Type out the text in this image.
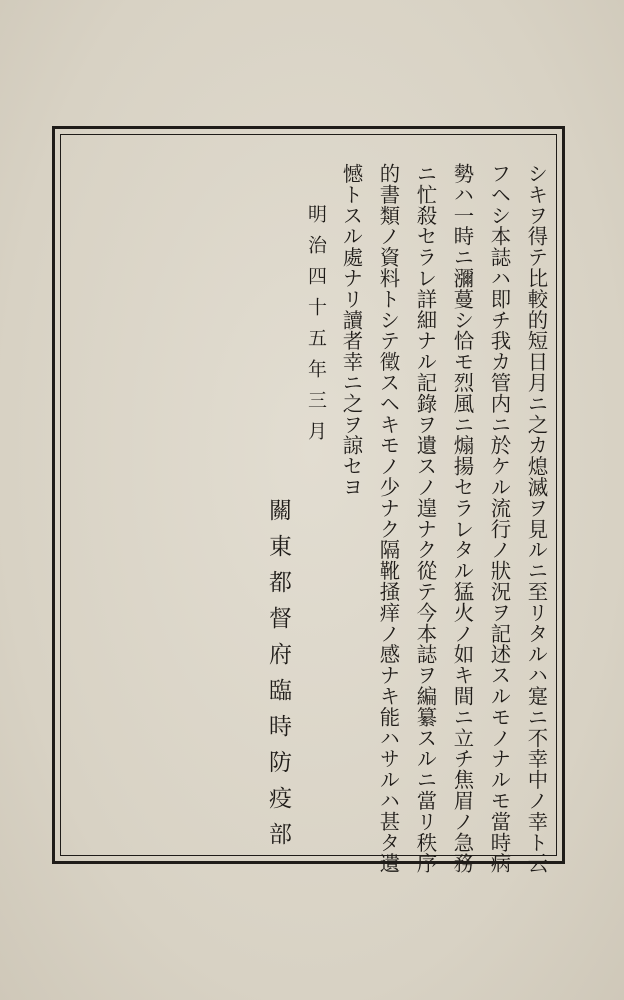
シキヲ得テ比較的短日月ニ之カ熄滅ヲ見ルニ至リタルハ寔ニ不幸中ノ幸ト云
フヘシ本誌ハ即チ我カ管内ニ於ケル流行ノ狀況ヲ記述スルモノナルモ當時病
勢ハ一時ニ瀰蔓シ恰モ烈風ニ煽揚セラレタル猛火ノ如キ間ニ立チ焦眉ノ急務
ニ忙殺セラレ詳細ナル記錄ヲ遺スノ遑ナク從テ今本誌ヲ編纂スルニ當リ秩序
的書類ノ資料トシテ徵スヘキモノ少ナク隔靴掻痒ノ感ナキ能ハサルハ甚タ遺
憾トスル處ナリ讀者幸ニ之ヲ諒セヨ
明治四十五年三月
關東都督府臨時防疫部
